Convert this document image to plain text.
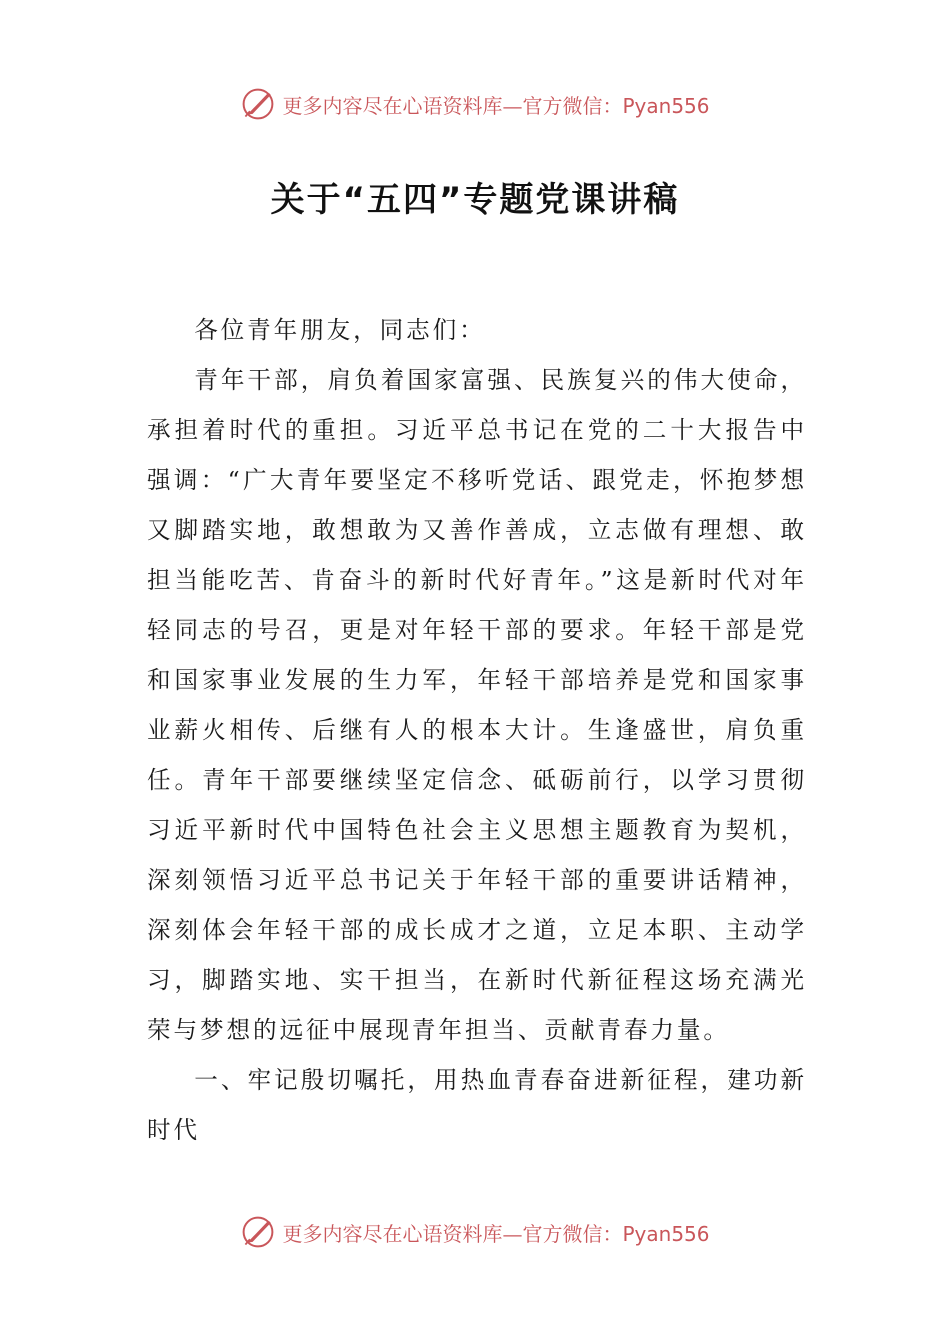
更多内容尽在心语资料库—官方微信：Pyan556
关于“五四”专题党课讲稿

各位青年朋友，同志们：

青年干部，肩负着国家富强、民族复兴的伟大使命，承担着时代的重担。习近平总书记在党的二十大报告中强调：“广大青年要坚定不移听党话、跟党走，怀抱梦想又脚踏实地，敢想敢为又善作善成，立志做有理想、敢担当能吃苦、肯奋斗的新时代好青年。”这是新时代对年轻同志的号召，更是对年轻干部的要求。年轻干部是党和国家事业发展的生力军，年轻干部培养是党和国家事业薪火相传、后继有人的根本大计。生逢盛世，肩负重任。青年干部要继续坚定信念、砥砺前行，以学习贯彻习近平新时代中国特色社会主义思想主题教育为契机，深刻领悟习近平总书记关于年轻干部的重要讲话精神，深刻体会年轻干部的成长成才之道，立足本职、主动学习，脚踏实地、实干担当，在新时代新征程这场充满光荣与梦想的远征中展现青年担当、贡献青春力量。

一、牢记殷切嘱托，用热血青春奋进新征程，建功新时代

更多内容尽在心语资料库—官方微信：Pyan556
